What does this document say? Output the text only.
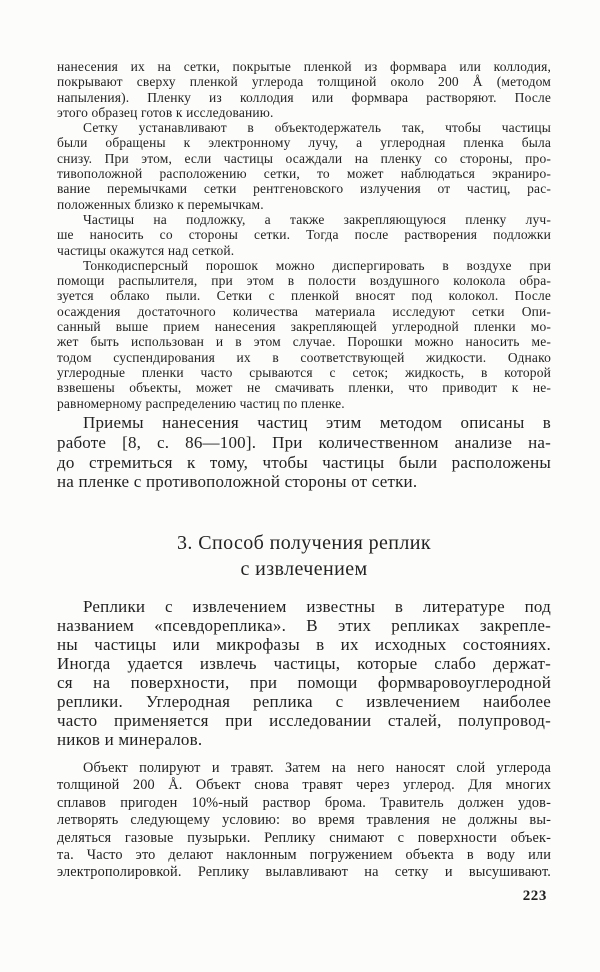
нанесения их на сетки, покрытые пленкой из формвара или коллодия,
покрывают сверху пленкой углерода толщиной около 200 Å (методом
напыления). Пленку из коллодия или формвара растворяют. После
этого образец готов к исследованию.
Сетку устанавливают в объектодержатель так, чтобы частицы
были обращены к электронному лучу, а углеродная пленка была
снизу. При этом, если частицы осаждали на пленку со стороны, про-
тивоположной расположению сетки, то может наблюдаться экраниро-
вание перемычками сетки рентгеновского излучения от частиц, рас-
положенных близко к перемычкам.
Частицы на подложку, а также закрепляющуюся пленку луч-
ше наносить со стороны сетки. Тогда после растворения подложки
частицы окажутся над сеткой.
Тонкодисперсный порошок можно диспергировать в воздухе при
помощи распылителя, при этом в полости воздушного колокола обра-
зуется облако пыли. Сетки с пленкой вносят под колокол. После
осаждения достаточного количества материала исследуют сетки Опи-
санный выше прием нанесения закрепляющей углеродной пленки мо-
жет быть использован и в этом случае. Порошки можно наносить ме-
тодом суспендирования их в соответствующей жидкости. Однако
углеродные пленки часто срываются с сеток; жидкость, в которой
взвешены объекты, может не смачивать пленки, что приводит к не-
равномерному распределению частиц по пленке.
Приемы нанесения частиц этим методом описаны в
работе [8, с. 86—100]. При количественном анализе на-
до стремиться к тому, чтобы частицы были расположены
на пленке с противоположной стороны от сетки.
3. Способ получения реплик
с извлечением
Реплики с извлечением известны в литературе под
названием «псевдореплика». В этих репликах закрепле-
ны частицы или микрофазы в их исходных состояниях.
Иногда удается извлечь частицы, которые слабо держат-
ся на поверхности, при помощи формваровоуглеродной
реплики. Углеродная реплика с извлечением наиболее
часто применяется при исследовании сталей, полупровод-
ников и минералов.
Объект полируют и травят. Затем на него наносят слой углерода
толщиной 200 Å. Объект снова травят через углерод. Для многих
сплавов пригоден 10%-ный раствор брома. Травитель должен удов-
летворять следующему условию: во время травления не должны вы-
деляться газовые пузырьки. Реплику снимают с поверхности объек-
та. Часто это делают наклонным погружением объекта в воду или
электрополировкой. Реплику вылавливают на сетку и высушивают.
223
